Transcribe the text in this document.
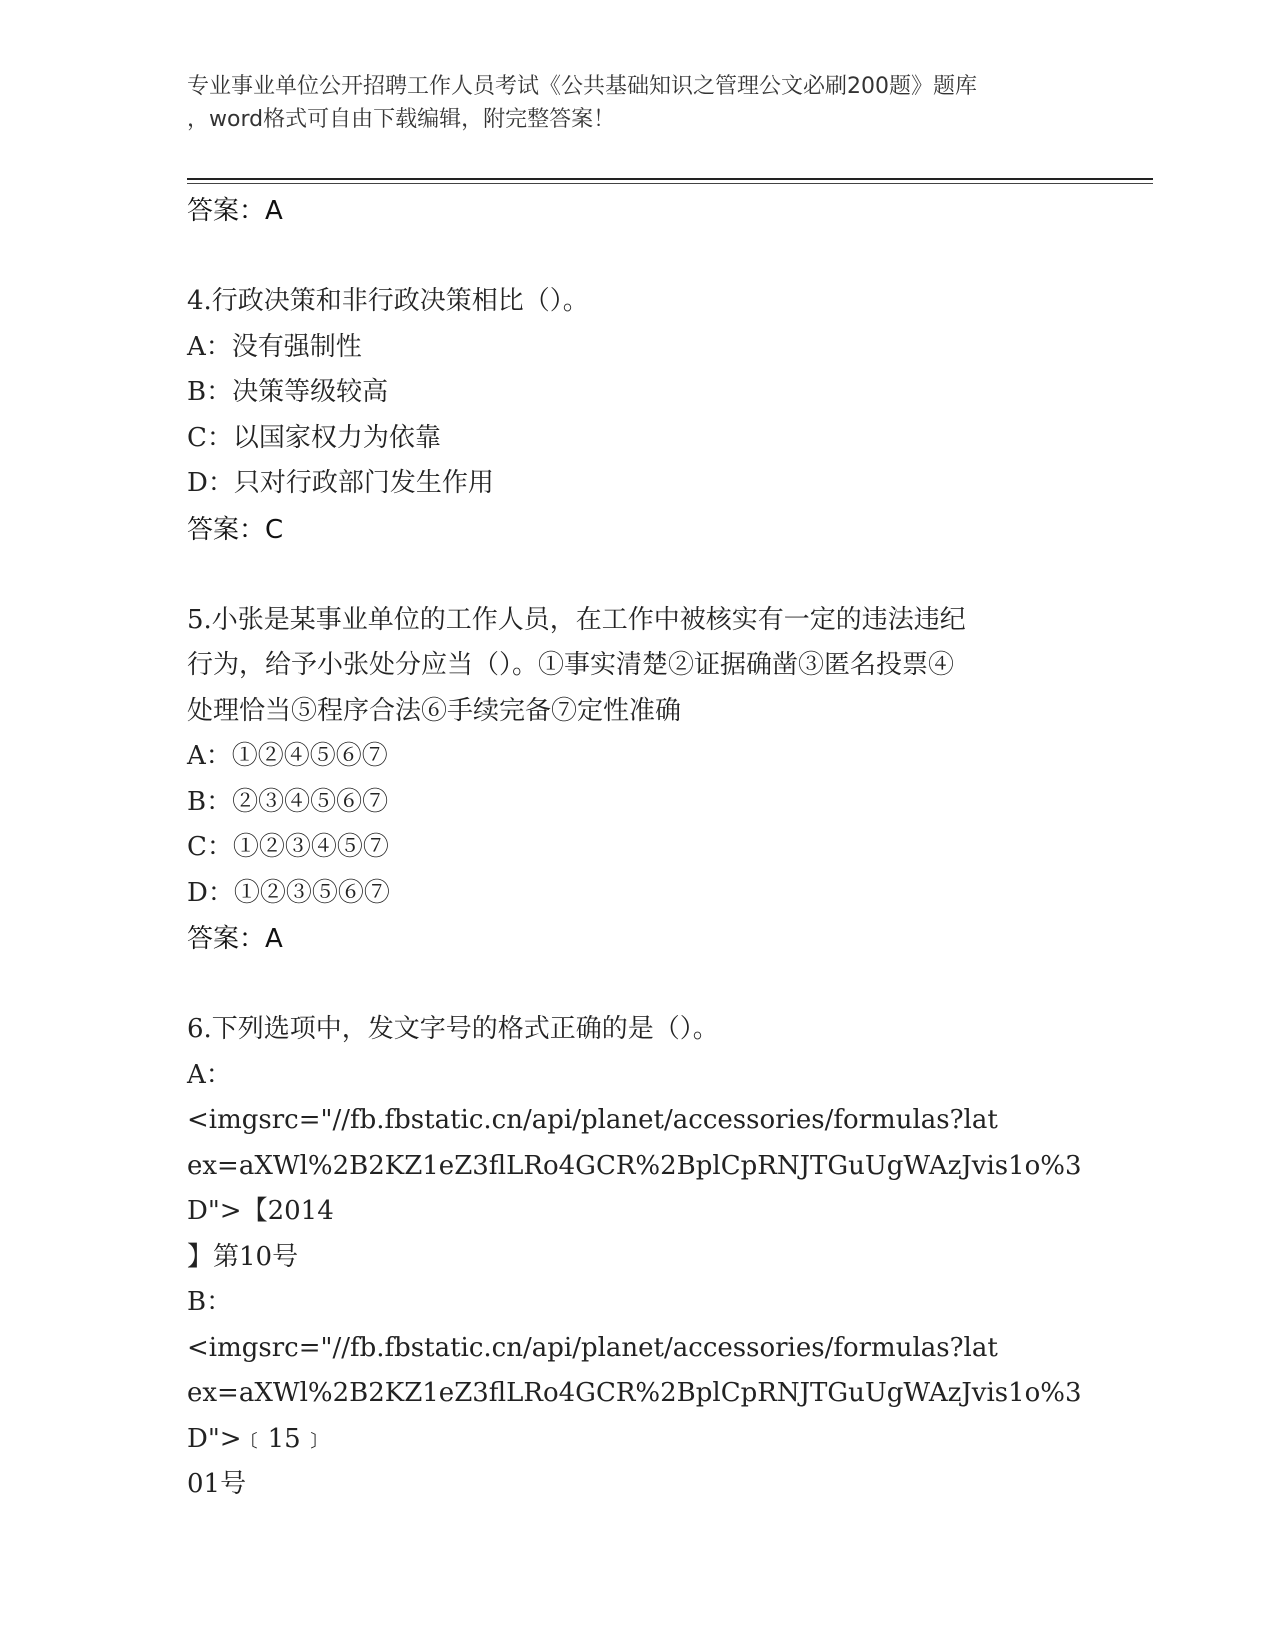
专业事业单位公开招聘工作人员考试《公共基础知识之管理公文必刷200题》题库
，word格式可自由下载编辑，附完整答案！
答案：A
4.行政决策和非行政决策相比（）。
A：没有强制性
B：决策等级较高
C：以国家权力为依靠
D：只对行政部门发生作用
答案：C
5.小张是某事业单位的工作人员，在工作中被核实有一定的违法违纪
行为，给予小张处分应当（）。①事实清楚②证据确凿③匿名投票④
处理恰当⑤程序合法⑥手续完备⑦定性准确
A：①②④⑤⑥⑦
B：②③④⑤⑥⑦
C：①②③④⑤⑦
D：①②③⑤⑥⑦
答案：A
6.下列选项中，发文字号的格式正确的是（）。
A：
<imgsrc="//fb.fbstatic.cn/api/planet/accessories/formulas?lat
ex=aXWl%2B2KZ1eZ3flLRo4GCR%2BplCpRNJTGuUgWAzJvis1o%3D">【2014
】第10号
B：
<imgsrc="//fb.fbstatic.cn/api/planet/accessories/formulas?lat
ex=aXWl%2B2KZ1eZ3flLRo4GCR%2BplCpRNJTGuUgWAzJvis1o%3D">﹝15﹞
01号
